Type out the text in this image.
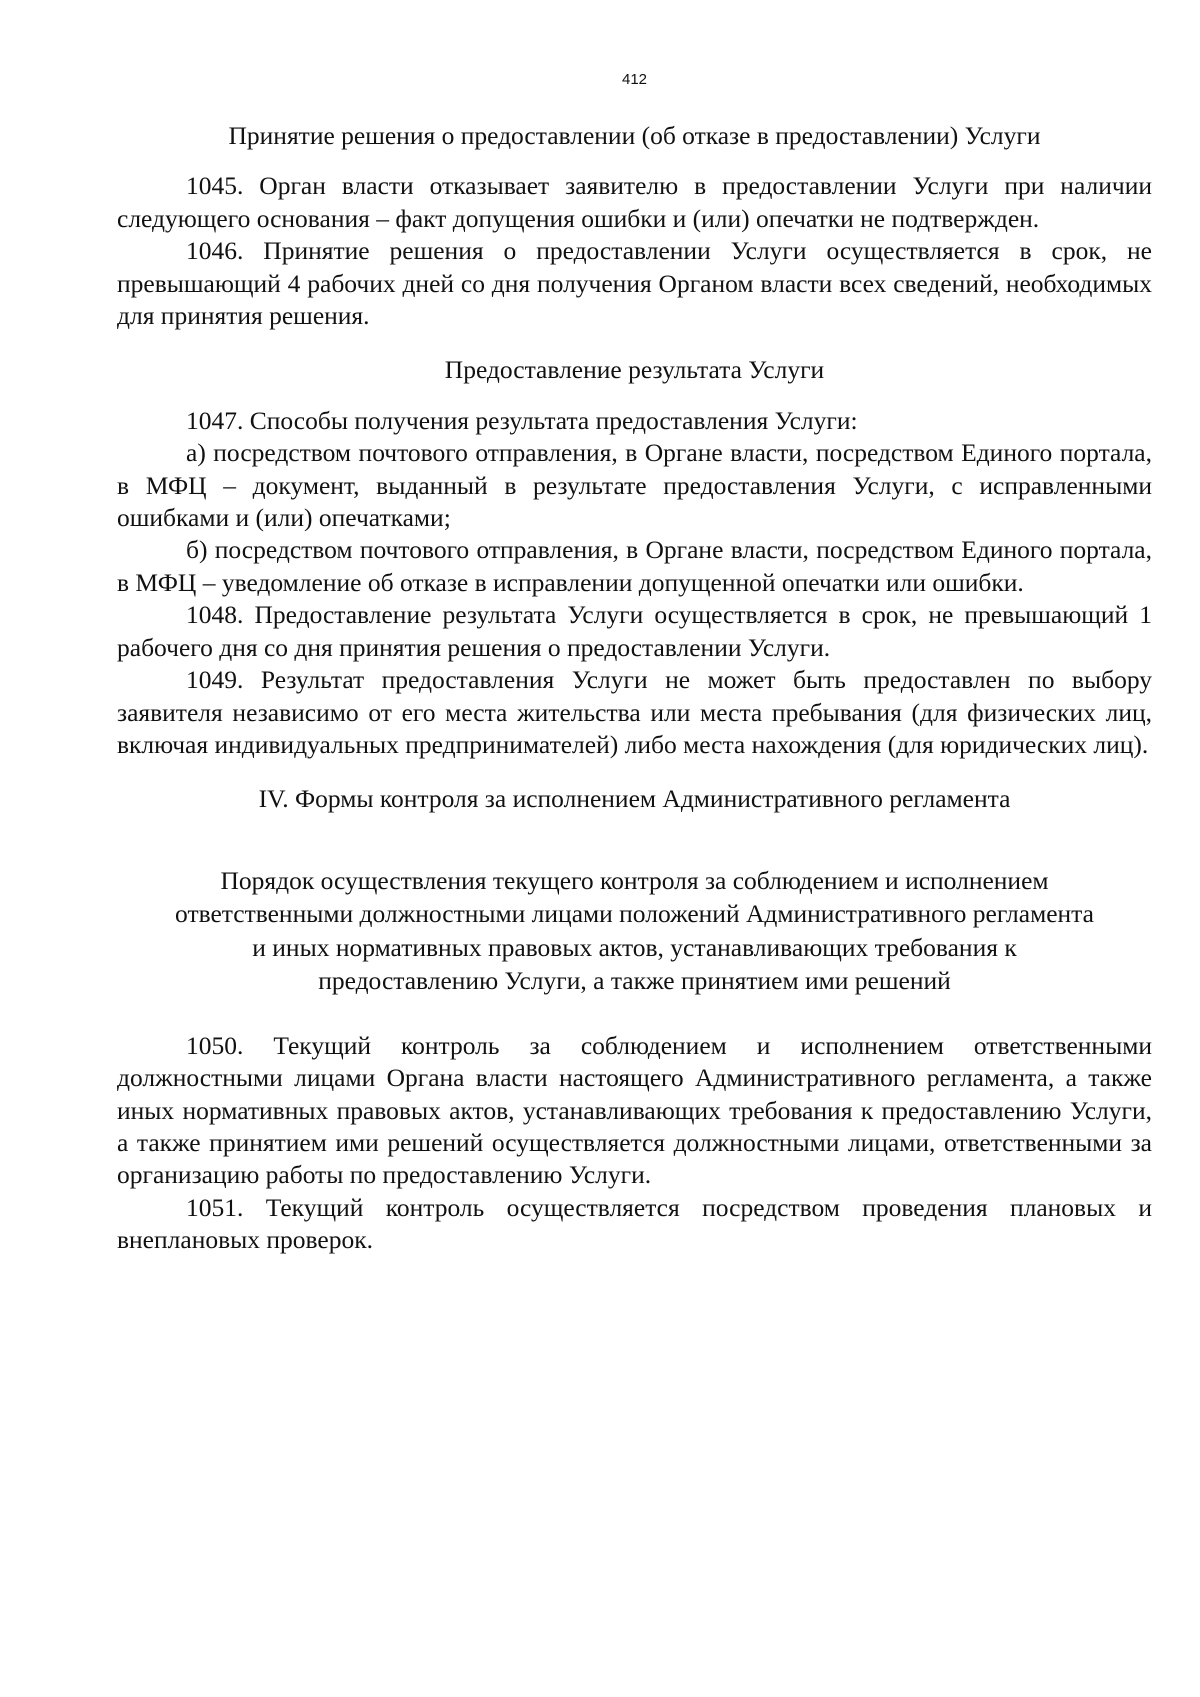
412

Принятие решения о предоставлении (об отказе в предоставлении) Услуги

1045. Орган власти отказывает заявителю в предоставлении Услуги при наличии следующего основания – факт допущения ошибки и (или) опечатки не подтвержден.

1046. Принятие решения о предоставлении Услуги осуществляется в срок, не превышающий 4 рабочих дней со дня получения Органом власти всех сведений, необходимых для принятия решения.

Предоставление результата Услуги

1047. Способы получения результата предоставления Услуги:

а) посредством почтового отправления, в Органе власти, посредством Единого портала, в МФЦ – документ, выданный в результате предоставления Услуги, с исправленными ошибками и (или) опечатками;

б) посредством почтового отправления, в Органе власти, посредством Единого портала, в МФЦ – уведомление об отказе в исправлении допущенной опечатки или ошибки.

1048. Предоставление результата Услуги осуществляется в срок, не превышающий 1 рабочего дня со дня принятия решения о предоставлении Услуги.

1049. Результат предоставления Услуги не может быть предоставлен по выбору заявителя независимо от его места жительства или места пребывания (для физических лиц, включая индивидуальных предпринимателей) либо места нахождения (для юридических лиц).

IV. Формы контроля за исполнением Административного регламента

Порядок осуществления текущего контроля за соблюдением и исполнением

ответственными должностными лицами положений Административного регламента

и иных нормативных правовых актов, устанавливающих требования к

предоставлению Услуги, а также принятием ими решений

1050. Текущий контроль за соблюдением и исполнением ответственными должностными лицами Органа власти настоящего Административного регламента, а также иных нормативных правовых актов, устанавливающих требования к предоставлению Услуги, а также принятием ими решений осуществляется должностными лицами, ответственными за организацию работы по предоставлению Услуги.

1051. Текущий контроль осуществляется посредством проведения плановых и внеплановых проверок.
